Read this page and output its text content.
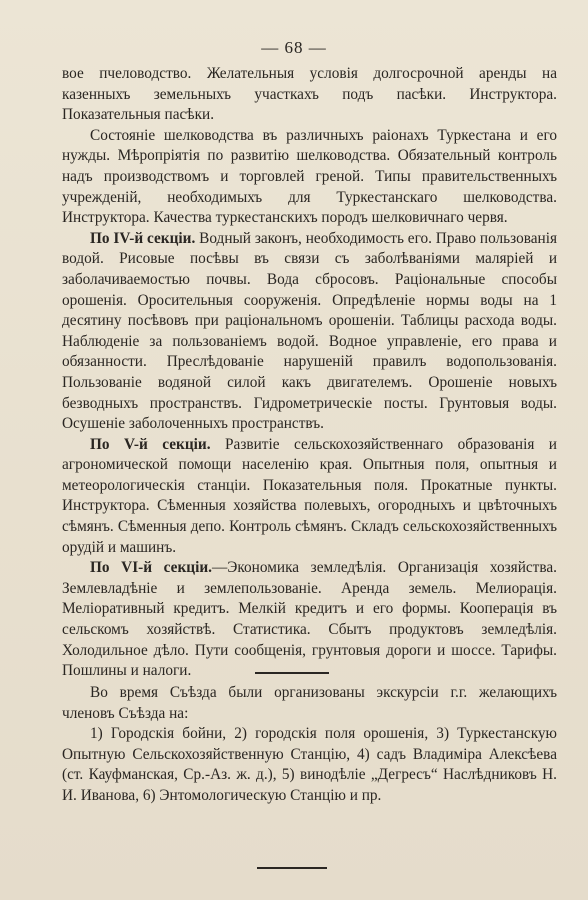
— 68 —

вое пчеловодство. Желательныя условія долгосрочной аренды на казенныхъ земельныхъ участкахъ подъ пасѣки. Инструктора. Показательныя пасѣки.

Состояніе шелководства въ различныхъ раіонахъ Туркестана и его нужды. Мѣропріятія по развитію шелководства. Обязательный контроль надъ производствомъ и торговлей греной. Типы правительственныхъ учрежденій, необходимыхъ для Туркестанскаго шелководства. Инструктора. Качества туркестанскихъ породъ шелковичнаго червя.

По IV-й секціи. Водный законъ, необходимость его. Право пользованія водой. Рисовые посѣвы въ связи съ заболѣваніями маляріей и заболачиваемостью почвы. Вода сбросовъ. Раціональные способы орошенія. Оросительныя сооруженія. Опредѣленіе нормы воды на 1 десятину посѣвовъ при раціональномъ орошеніи. Таблицы расхода воды. Наблюденіе за пользованіемъ водой. Водное управленіе, его права и обязанности. Преслѣдованіе нарушеній правилъ водопользованія. Пользованіе водяной силой какъ двигателемъ. Орошеніе новыхъ безводныхъ пространствъ. Гидрометрическіе посты. Грунтовыя воды. Осушеніе заболоченныхъ пространствъ.

По V-й секціи. Развитіе сельскохозяйственнаго образованія и агрономической помощи населенію края. Опытныя поля, опытныя и метеорологическія станціи. Показательныя поля. Прокатные пункты. Инструктора. Сѣменныя хозяйства полевыхъ, огородныхъ и цвѣточныхъ сѣмянъ. Сѣменныя депо. Контроль сѣмянъ. Складъ сельскохозяйственныхъ орудій и машинъ.

По VI-й секціи.—Экономика земледѣлія. Организація хозяйства. Землевладѣніе и землепользованіе. Аренда земель. Мелиорація. Меліоративный кредитъ. Мелкій кредитъ и его формы. Кооперація въ сельскомъ хозяйствѣ. Статистика. Сбытъ продуктовъ земледѣлія. Холодильное дѣло. Пути сообщенія, грунтовыя дороги и шоссе. Тарифы. Пошлины и налоги.

Во время Съѣзда были организованы экскурсіи г.г. желающихъ членовъ Съѣзда на:

1) Городскія бойни, 2) городскія поля орошенія, 3) Туркестанскую Опытную Сельскохозяйственную Станцію, 4) садъ Владиміра Алексѣева (ст. Кауфманская, Ср.-Аз. ж. д.), 5) винодѣліе „Дегресъ“ Наслѣдниковъ Н. И. Иванова, 6) Энтомологическую Станцію и пр.
